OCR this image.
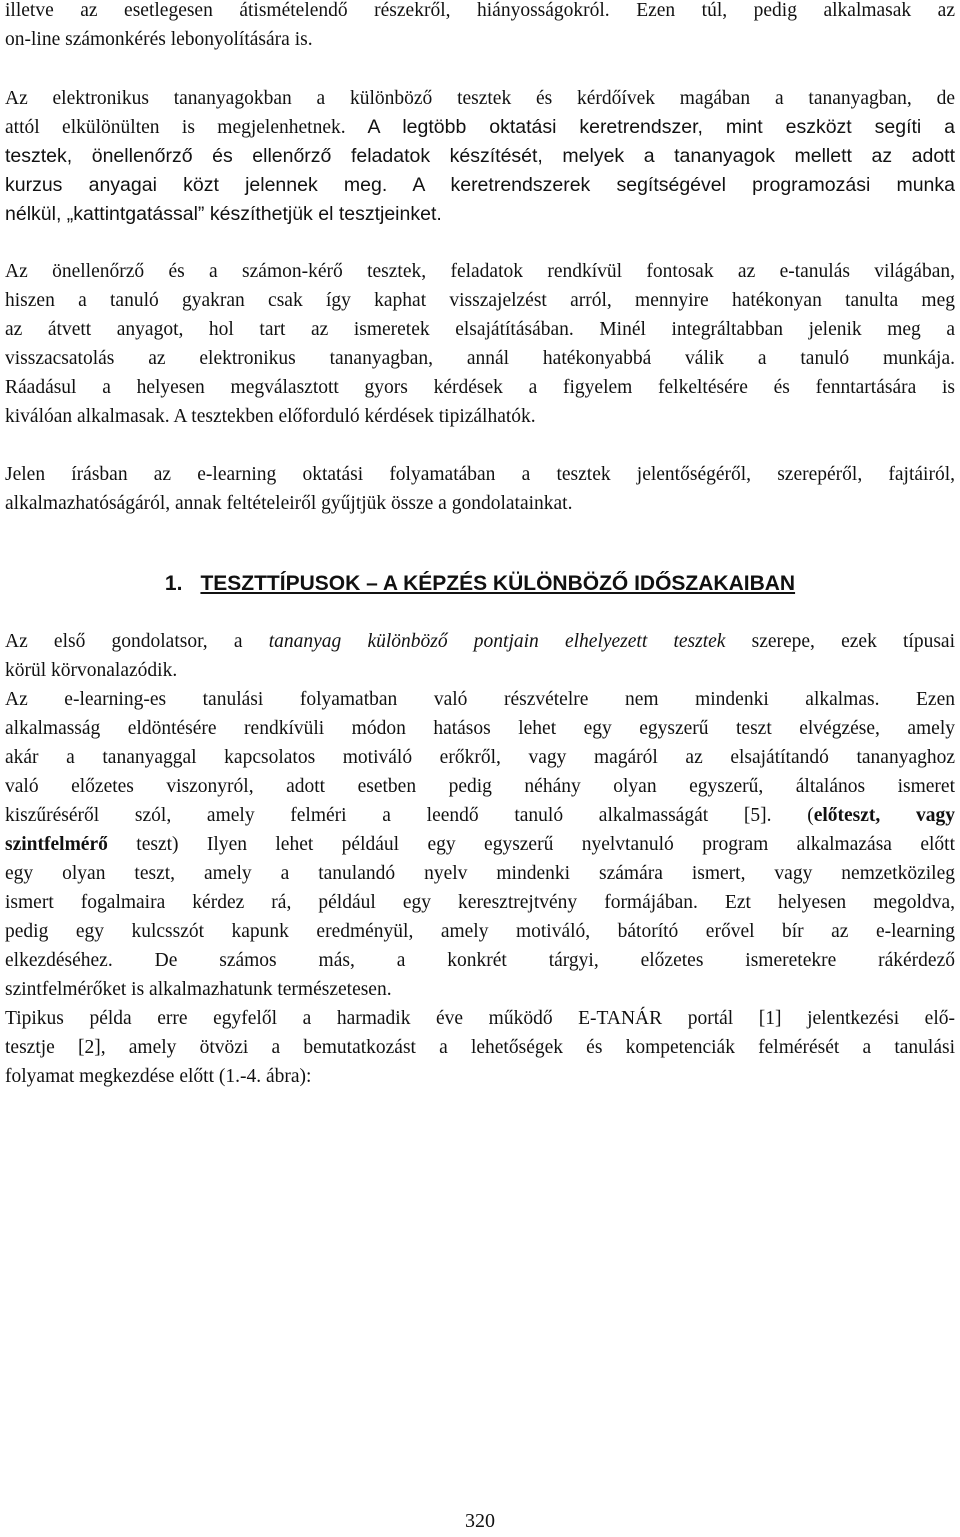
illetve az esetlegesen átismételendő részekről, hiányosságokról. Ezen túl, pedig alkalmasak az
on-line számonkérés lebonyolítására is.
Az elektronikus tananyagokban a különböző tesztek és kérdőívek magában a tananyagban, de
attól elkülönülten is megjelenhetnek. A legtöbb oktatási keretrendszer, mint eszközt segíti a
tesztek, önellenőrző és ellenőrző feladatok készítését, melyek a tananyagok mellett az adott
kurzus anyagai közt jelennek meg. A keretrendszerek segítségével programozási munka
nélkül, „kattintgatással” készíthetjük el tesztjeinket.
Az önellenőrző és a számon-kérő tesztek, feladatok rendkívül fontosak az e-tanulás világában,
hiszen a tanuló gyakran csak így kaphat visszajelzést arról, mennyire hatékonyan tanulta meg
az átvett anyagot, hol tart az ismeretek elsajátításában. Minél integráltabban jelenik meg a
visszacsatolás az elektronikus tananyagban, annál hatékonyabbá válik a tanuló munkája.
Ráadásul a helyesen megválasztott gyors kérdések a figyelem felkeltésére és fenntartására is
kiválóan alkalmasak. A tesztekben előforduló kérdések tipizálhatók.
Jelen írásban az e-learning oktatási folyamatában a tesztek jelentőségéről, szerepéről, fajtáiról,
alkalmazhatóságáról, annak feltételeiről gyűjtjük össze a gondolatainkat.
1. TESZTTÍPUSOK – A KÉPZÉS KÜLÖNBÖZŐ IDŐSZAKAIBAN
Az első gondolatsor, a tananyag különböző pontjain elhelyezett tesztek szerepe, ezek típusai
körül körvonalazódik.
Az e-learning-es tanulási folyamatban való részvételre nem mindenki alkalmas. Ezen
alkalmasság eldöntésére rendkívüli módon hatásos lehet egy egyszerű teszt elvégzése, amely
akár a tananyaggal kapcsolatos motiváló erőkről, vagy magáról az elsajátítandó tananyaghoz
való előzetes viszonyról, adott esetben pedig néhány olyan egyszerű, általános ismeret
kiszűréséről szól, amely felméri a leendő tanuló alkalmasságát [5]. (előteszt, vagy
szintfelmérő teszt) Ilyen lehet például egy egyszerű nyelvtanuló program alkalmazása előtt
egy olyan teszt, amely a tanulandó nyelv mindenki számára ismert, vagy nemzetközileg
ismert fogalmaira kérdez rá, például egy keresztrejtvény formájában. Ezt helyesen megoldva,
pedig egy kulcsszót kapunk eredményül, amely motiváló, bátorító erővel bír az e-learning
elkezdéséhez. De számos más, a konkrét tárgyi, előzetes ismeretekre rákérdező
szintfelmérőket is alkalmazhatunk természetesen.
Tipikus példa erre egyfelől a harmadik éve működő E-TANÁR portál [1] jelentkezési elő-
tesztje [2], amely ötvözi a bemutatkozást a lehetőségek és kompetenciák felmérését a tanulási
folyamat megkezdése előtt (1.-4. ábra):
320
